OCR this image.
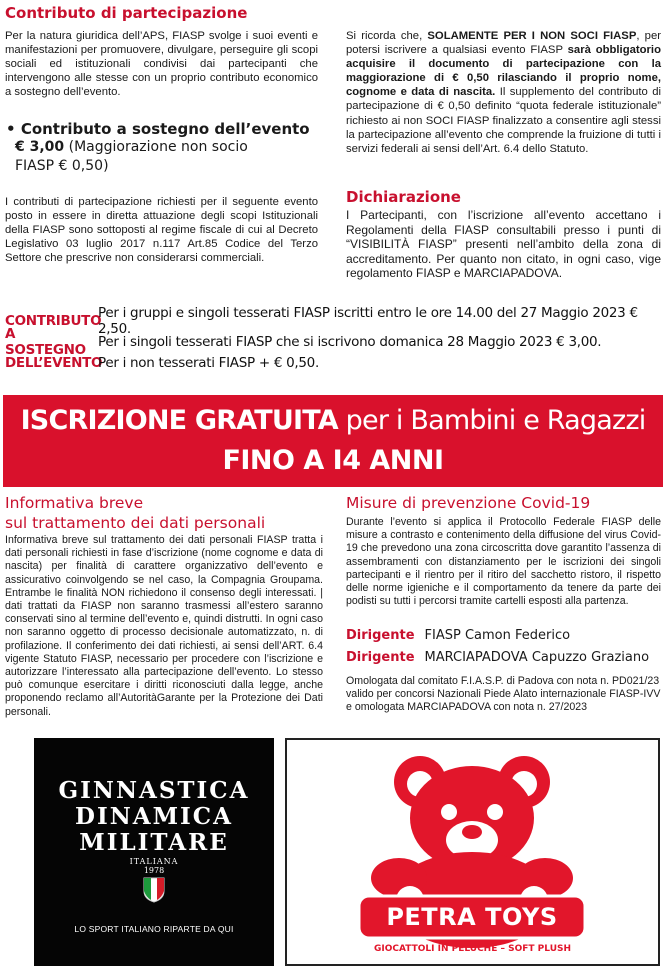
Contributo di partecipazione
Per la natura giuridica dell’APS, FIASP svolge i suoi eventi e manifestazioni per promuovere, divulgare, perseguire gli scopi sociali ed istituzionali condivisi dai partecipanti che intervengono alle stesse con un proprio contributo economico a sostegno dell’evento.
• Contributo a sostegno dell’evento
€ 3,00 (Maggiorazione non socio
FIASP € 0,50)
I contributi di partecipazione richiesti per il seguente evento posto in essere in diretta attuazione degli scopi Istituzionali della FIASP sono sottoposti al regime fiscale di cui al Decreto Legislativo 03 luglio 2017 n.117 Art.85 Codice del Terzo Settore che prescrive non considerarsi commerciali.
Si ricorda che, SOLAMENTE PER I NON SOCI FIASP, per potersi iscrivere a qualsiasi evento FIASP sarà obbligatorio acquisire il documento di partecipazione con la maggiorazione di € 0,50 rilasciando il proprio nome, cognome e data di nascita. Il supplemento del contributo di partecipazione di € 0,50 definito “quota federale istituzionale” richiesto ai non SOCI FIASP finalizzato a consentire agli stessi la partecipazione all’evento che comprende la fruizione di tutti i servizi federali ai sensi dell’Art. 6.4 dello Statuto.
Dichiarazione
I Partecipanti, con l’iscrizione all’evento accettano i Regolamenti della FIASP consultabili presso i punti di “VISIBILITÀ FIASP” presenti nell’ambito della zona di accreditamento. Per quanto non citato, in ogni caso, vige regolamento FIASP e MARCIAPADOVA.
CONTRIBUTO
Per i gruppi e singoli tesserati FIASP iscritti entro le ore 14.00 del 27 Maggio 2023 € 2,50.
A SOSTEGNO Per i singoli tesserati FIASP che si iscrivono domanica 28 Maggio 2023 € 3,00.
DELL’EVENTO
Per i non tesserati FIASP + € 0,50.
ISCRIZIONE GRATUITA per i Bambini e Ragazzi
FINO A I4 ANNI
Informativa breve
sul trattamento dei dati personali
Informativa breve sul trattamento dei dati personali FIASP tratta i dati personali richiesti in fase d’iscrizione (nome cognome e data di nascita) per finalità di carattere organizzativo dell’evento e assicurativo coinvolgendo se nel caso, la Compagnia Groupama. Entrambe le finalità NON richiedono il consenso degli interessati. | dati trattati da FIASP non saranno trasmessi all’estero saranno conservati sino al termine dell’evento e, quindi distrutti. In ogni caso non saranno oggetto di processo decisionale automatizzato, n. di profilazione. Il conferimento dei dati richiesti, ai sensi dell’ART. 6.4 vigente Statuto FIASP, necessario per procedere con l’iscrizione e autorizzare l’interessato alla partecipazione dell’evento. Lo stesso può comunque esercitare i diritti riconosciuti dalla legge, anche proponendo reclamo all’AutoritàGarante per la Protezione dei Dati personali.
Misure di prevenzione Covid-19
Durante l’evento si applica il Protocollo Federale FIASP delle misure a contrasto e contenimento della diffusione del virus Covid-19 che prevedono una zona circoscritta dove garantito l’assenza di assembramenti con distanziamento per le iscrizioni dei singoli partecipanti e il rientro per il ritiro del sacchetto ristoro, il rispetto delle norme igieniche e il comportamento da tenere da parte dei podisti su tutti i percorsi tramite cartelli esposti alla partenza.
Dirigente FIASP Camon Federico
Dirigente MARCIAPADOVA Capuzzo Graziano
Omologata dal comitato F.I.A.S.P. di Padova con nota n. PD021/23 valido per concorsi Nazionali Piede Alato internazionale FIASP-IVV e omologata MARCIAPADOVA con nota n. 27/2023
GINNASTICA
DINAMICA
MILITARE
ITALIANA
1978
LO SPORT ITALIANO RIPARTE DA QUI	PETRA TOYS
GIOCATTOLI IN PELUCHE – SOFT PLUSH
